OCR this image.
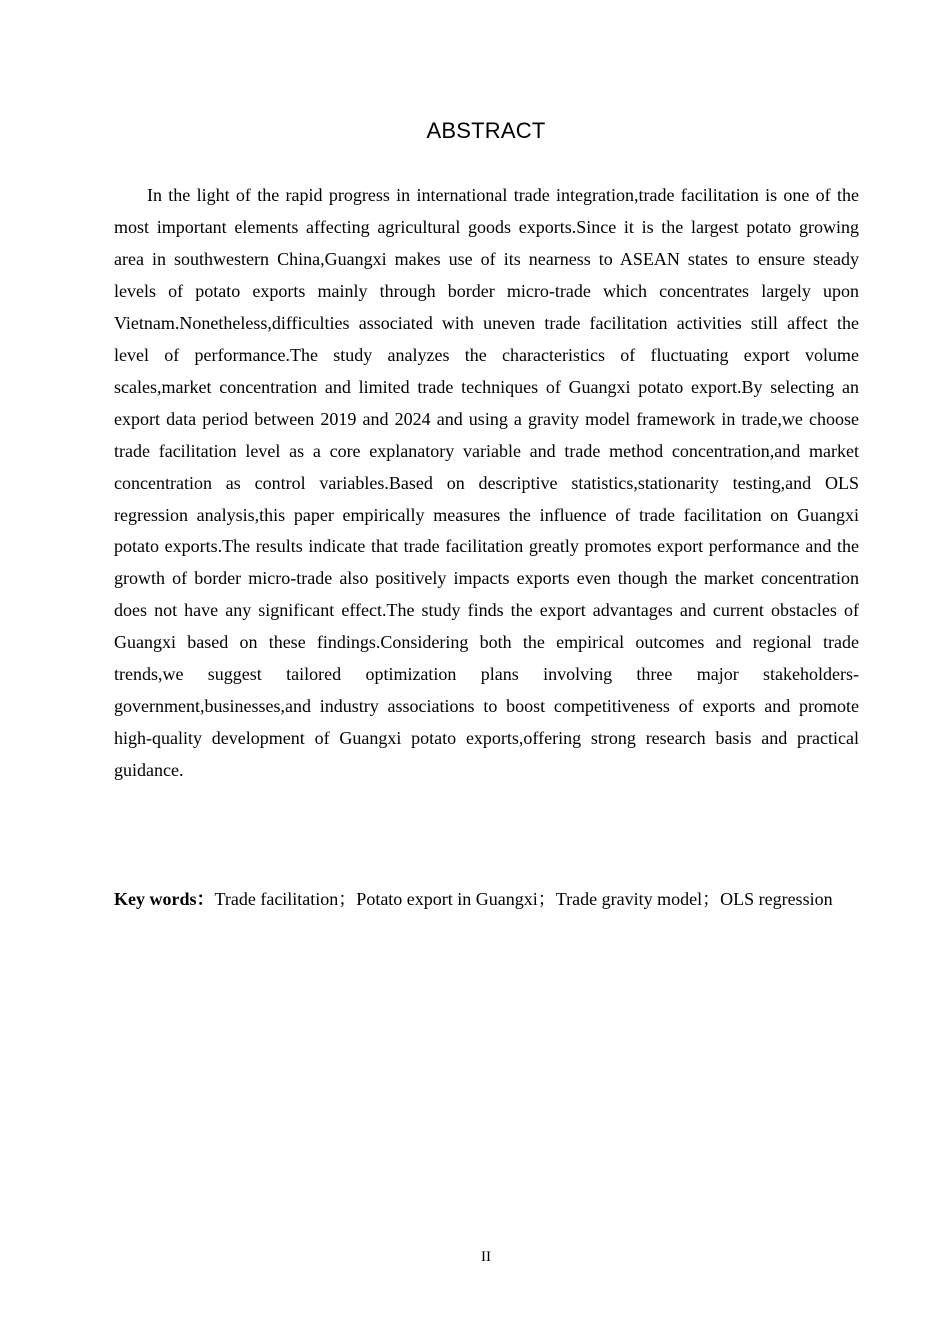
ABSTRACT

In the light of the rapid progress in international trade integration,trade facilitation is one of the most important elements affecting agricultural goods exports.Since it is the largest potato growing area in southwestern China,Guangxi makes use of its nearness to ASEAN states to ensure steady levels of potato exports mainly through border micro-trade which concentrates largely upon Vietnam.Nonetheless,difficulties associated with uneven trade facilitation activities still affect the level of performance.The study analyzes the characteristics of fluctuating export volume scales,market concentration and limited trade techniques of Guangxi potato export.By selecting an export data period between 2019 and 2024 and using a gravity model framework in trade,we choose trade facilitation level as a core explanatory variable and trade method concentration,and market concentration as control variables.Based on descriptive statistics,stationarity testing,and OLS regression analysis,this paper empirically measures the influence of trade facilitation on Guangxi potato exports.The results indicate that trade facilitation greatly promotes export performance and the growth of border micro-trade also positively impacts exports even though the market concentration does not have any significant effect.The study finds the export advantages and current obstacles of Guangxi based on these findings.Considering both the empirical outcomes and regional trade trends,we suggest tailored optimization plans involving three major stakeholders-government,businesses,and industry associations to boost competitiveness of exports and promote high-quality development of Guangxi potato exports,offering strong research basis and practical guidance.

Key words：Trade facilitation；Potato export in Guangxi；Trade gravity model；OLS regression

II
